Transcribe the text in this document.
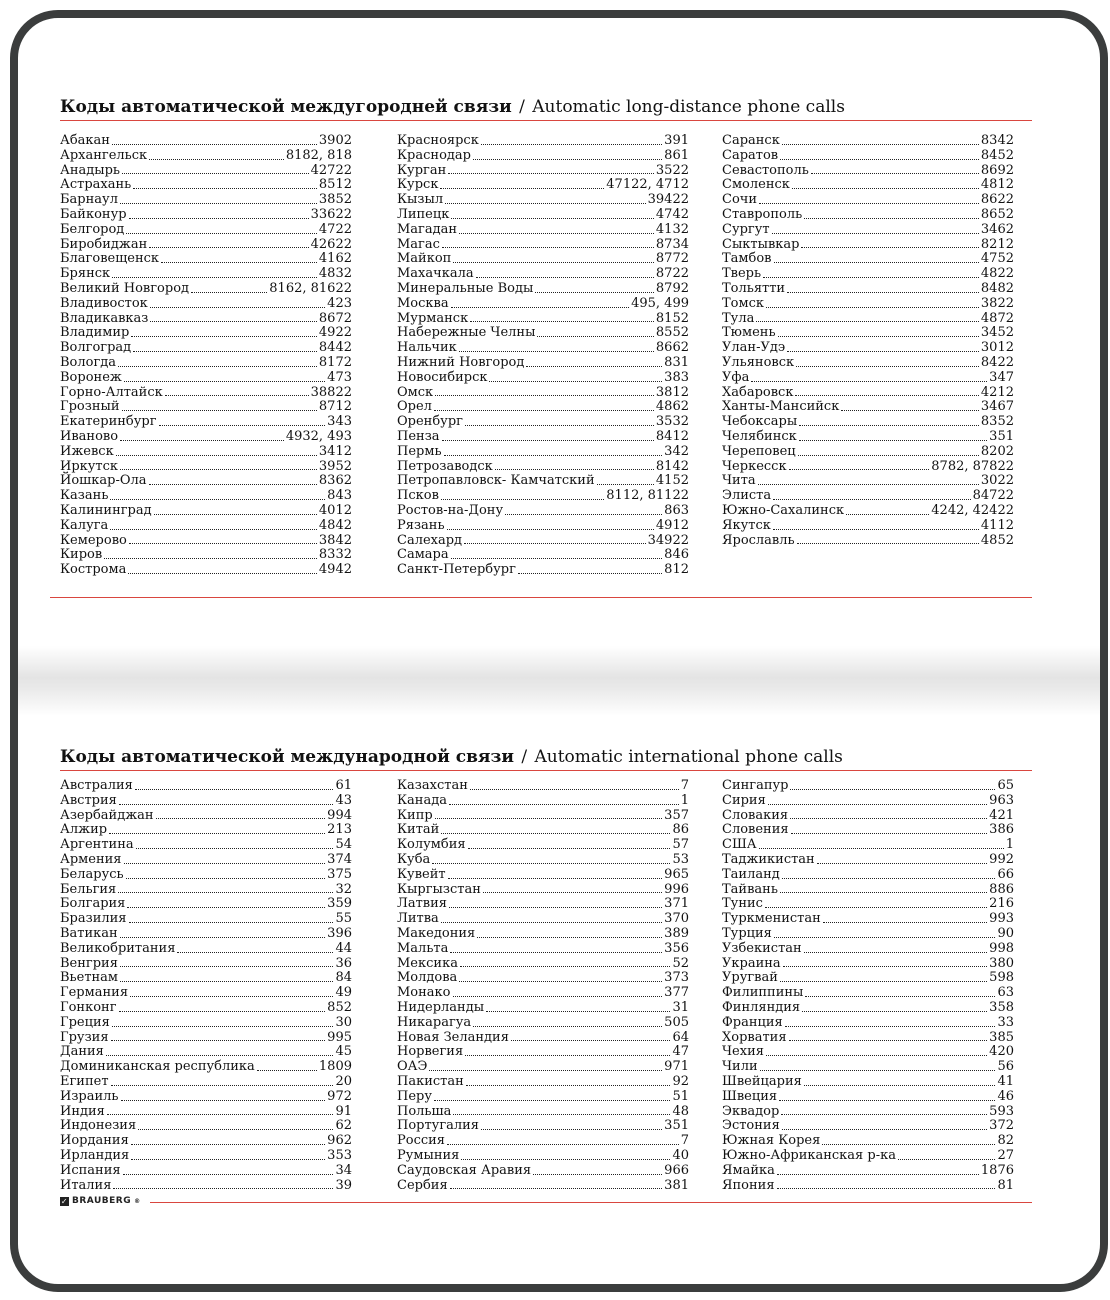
Коды автоматической междугородней связи / Automatic long-distance phone calls
Абакан	3902
Архангельск	8182, 818
Анадырь	42722
Астрахань	8512
Барнаул	3852
Байконур	33622
Белгород	4722
Биробиджан	42622
Благовещенск	4162
Брянск	4832
Великий Новгород	8162, 81622
Владивосток	423
Владикавказ	8672
Владимир	4922
Волгоград	8442
Вологда	8172
Воронеж	473
Горно-Алтайск	38822
Грозный	8712
Екатеринбург	343
Иваново	4932, 493
Ижевск	3412
Иркутск	3952
Йошкар-Ола	8362
Казань	843
Калининград	4012
Калуга	4842
Кемерово	3842
Киров	8332
Кострома	4942
Красноярск	391
Краснодар	861
Курган	3522
Курск	47122, 4712
Кызыл	39422
Липецк	4742
Магадан	4132
Магас	8734
Майкоп	8772
Махачкала	8722
Минеральные Воды	8792
Москва	495, 499
Мурманск	8152
Набережные Челны	8552
Нальчик	8662
Нижний Новгород	831
Новосибирск	383
Омск	3812
Орел	4862
Оренбург	3532
Пенза	8412
Пермь	342
Петрозаводск	8142
Петропавловск- Камчатский	4152
Псков	8112, 81122
Ростов-на-Дону	863
Рязань	4912
Салехард	34922
Самара	846
Санкт-Петербург	812
Саранск	8342
Саратов	8452
Севастополь	8692
Смоленск	4812
Сочи	8622
Ставрополь	8652
Сургут	3462
Сыктывкар	8212
Тамбов	4752
Тверь	4822
Тольятти	8482
Томск	3822
Тула	4872
Тюмень	3452
Улан-Удэ	3012
Ульяновск	8422
Уфа	347
Хабаровск	4212
Ханты-Мансийск	3467
Чебоксары	8352
Челябинск	351
Череповец	8202
Черкесск	8782, 87822
Чита	3022
Элиста	84722
Южно-Сахалинск	4242, 42422
Якутск	4112
Ярославль	4852
Коды автоматической международной связи / Automatic international phone calls
Австралия	61
Австрия	43
Азербайджан	994
Алжир	213
Аргентина	54
Армения	374
Беларусь	375
Бельгия	32
Болгария	359
Бразилия	55
Ватикан	396
Великобритания	44
Венгрия	36
Вьетнам	84
Германия	49
Гонконг	852
Греция	30
Грузия	995
Дания	45
Доминиканская республика	1809
Египет	20
Израиль	972
Индия	91
Индонезия	62
Иордания	962
Ирландия	353
Испания	34
Италия	39
Казахстан	7
Канада	1
Кипр	357
Китай	86
Колумбия	57
Куба	53
Кувейт	965
Кыргызстан	996
Латвия	371
Литва	370
Македония	389
Мальта	356
Мексика	52
Молдова	373
Монако	377
Нидерланды	31
Никарагуа	505
Новая Зеландия	64
Норвегия	47
ОАЭ	971
Пакистан	92
Перу	51
Польша	48
Португалия	351
Россия	7
Румыния	40
Саудовская Аравия	966
Сербия	381
Сингапур	65
Сирия	963
Словакия	421
Словения	386
США	1
Таджикистан	992
Таиланд	66
Тайвань	886
Тунис	216
Туркменистан	993
Турция	90
Узбекистан	998
Украина	380
Уругвай	598
Филиппины	63
Финляндия	358
Франция	33
Хорватия	385
Чехия	420
Чили	56
Швейцария	41
Швеция	46
Эквадор	593
Эстония	372
Южная Корея	82
Южно-Африканская р-ка	27
Ямайка	1876
Япония	81
✓ BRAUBERG ®
